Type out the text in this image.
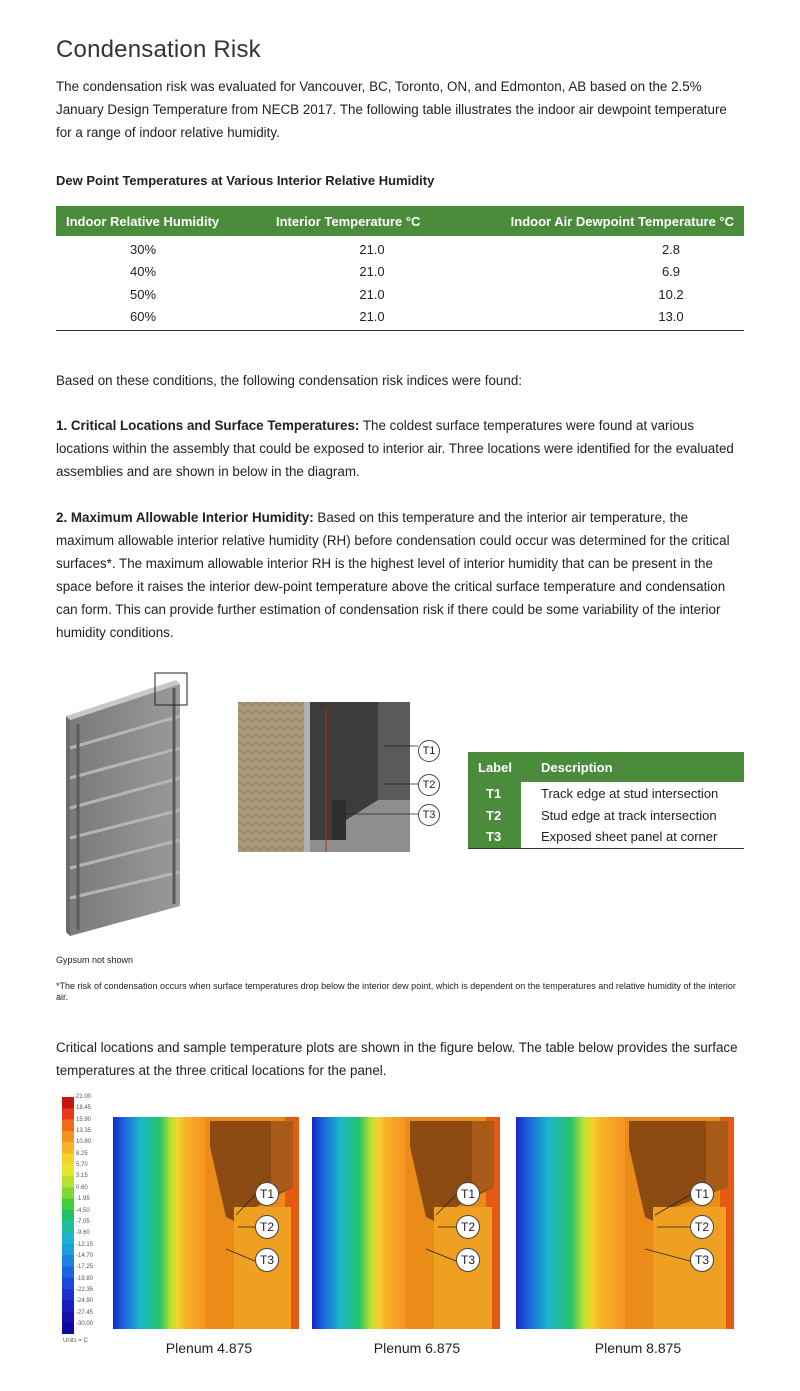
Condensation Risk

The condensation risk was evaluated for Vancouver, BC, Toronto, ON, and Edmonton, AB based on the 2.5% January Design Temperature from NECB 2017. The following table illustrates the indoor air dewpoint temperature for a range of indoor relative humidity.

Dew Point Temperatures at Various Interior Relative Humidity
Indoor Relative Humidity	Interior Temperature °C	Indoor Air Dewpoint Temperature °C
30%	21.0	2.8
40%	21.0	6.9
50%	21.0	10.2
60%	21.0	13.0

Based on these conditions, the following condensation risk indices were found:

1. Critical Locations and Surface Temperatures: The coldest surface temperatures were found at various locations within the assembly that could be exposed to interior air. Three locations were identified for the evaluated assemblies and are shown in below in the diagram.

2. Maximum Allowable Interior Humidity: Based on this temperature and the interior air temperature, the maximum allowable interior relative humidity (RH) before condensation could occur was determined for the critical surfaces*. The maximum allowable interior RH is the highest level of interior humidity that can be present in the space before it raises the interior dew-point temperature above the critical surface temperature and condensation can form. This can provide further estimation of condensation risk if there could be some variability of the interior humidity conditions.

T1
T2
T3
Label	Description
T1	Track edge at stud intersection
T2	Stud edge at track intersection
T3	Exposed sheet panel at corner
Gypsum not shown
*The risk of condensation occurs when surface temperatures drop below the interior dew point, which is dependent on the temperatures and relative humidity of the interior air.

Critical locations and sample temperature plots are shown in the figure below. The table below provides the surface temperatures at the three critical locations for the panel.

21.00
18.45
15.90
13.35
10.80
8.25
5.70
3.15
0.60
-1.95
-4.50
-7.05
-9.60
-12.15
-14.70
-17.25
-19.80
-22.35
-24.90
-27.45
-30.00
Units = C
T1
T2
T3
Plenum 4.875
T1
T2
T3
Plenum 6.875
T1
T2
T3
Plenum 8.875
